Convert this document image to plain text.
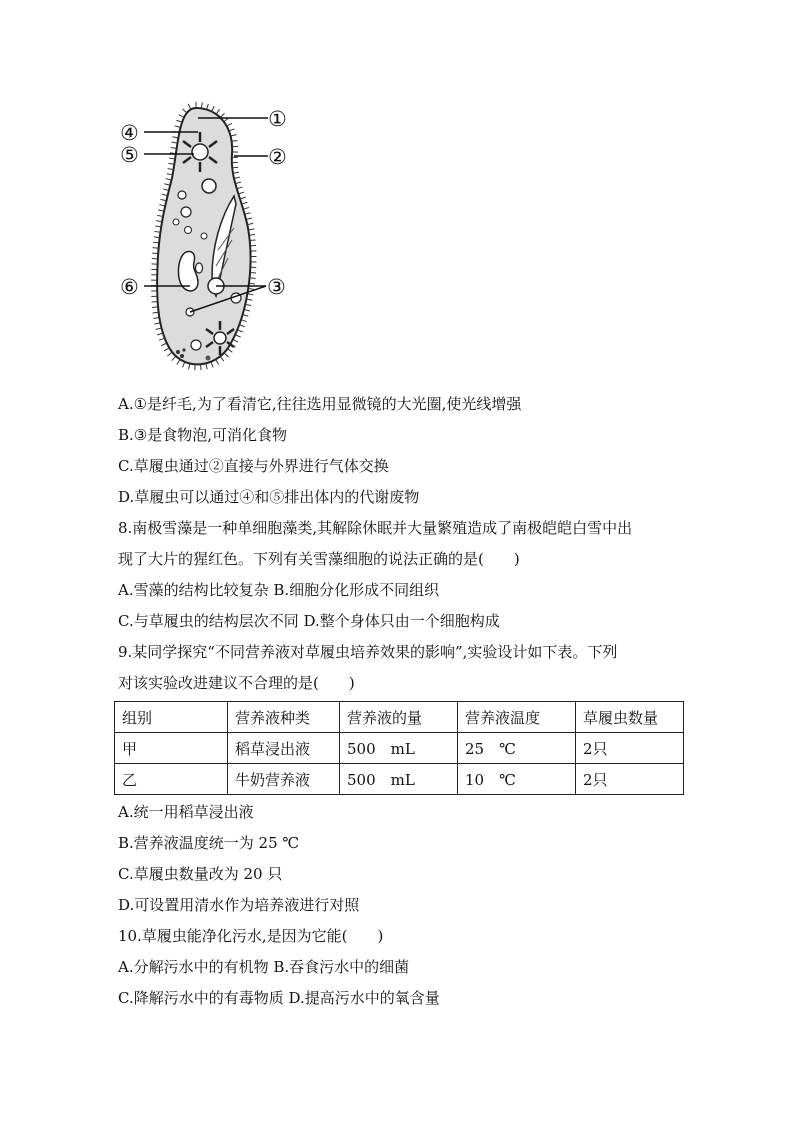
①
②
③
④
⑤
⑥
A.①是纤毛,为了看清它,往往选用显微镜的大光圈,使光线增强
B.③是食物泡,可消化食物
C.草履虫通过②直接与外界进行气体交换
D.草履虫可以通过④和⑤排出体内的代谢废物
8.南极雪藻是一种单细胞藻类,其解除休眠并大量繁殖造成了南极皑皑白雪中出
现了大片的猩红色。下列有关雪藻细胞的说法正确的是(　　)
A.雪藻的结构比较复杂 B.细胞分化形成不同组织
C.与草履虫的结构层次不同 D.整个身体只由一个细胞构成
9.某同学探究“不同营养液对草履虫培养效果的影响”,实验设计如下表。下列
对该实验改进建议不合理的是(　　)
组别	营养液种类	营养液的量	营养液温度	草履虫数量
甲	稻草浸出液	500　mL	25　℃	2只
乙	牛奶营养液	500　mL	10　℃	2只
A.统一用稻草浸出液
B.营养液温度统一为 25 ℃
C.草履虫数量改为 20 只
D.可设置用清水作为培养液进行对照
10.草履虫能净化污水,是因为它能(　　)
A.分解污水中的有机物 B.吞食污水中的细菌
C.降解污水中的有毒物质 D.提高污水中的氧含量
